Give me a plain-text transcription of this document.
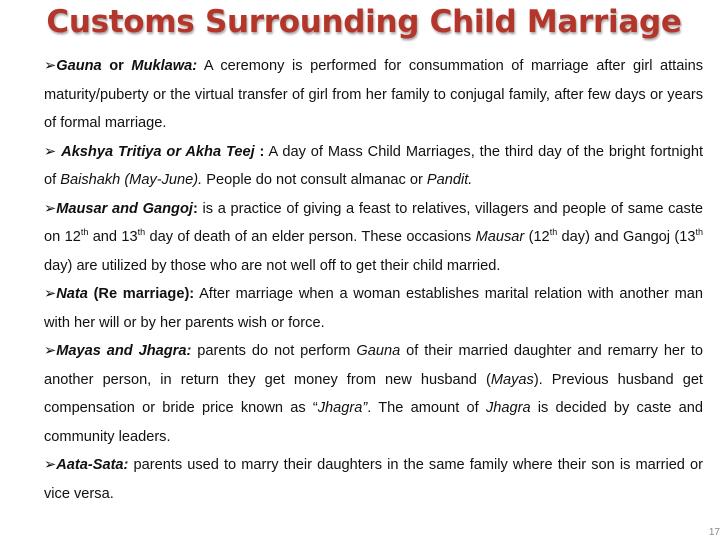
Customs Surrounding Child Marriage

➢Gauna or Muklawa: A ceremony is performed for consummation of marriage after girl attains maturity/puberty or the virtual transfer of girl from her family to conjugal family, after few days or years of formal marriage.

➢ Akshya Tritiya or Akha Teej : A day of Mass Child Marriages, the third day of the bright fortnight of Baishakh (May-June). People do not consult almanac or Pandit.

➢Mausar and Gangoj: is a practice of giving a feast to relatives, villagers and people of same caste on 12th and 13th day of death of an elder person. These occasions Mausar (12th day) and Gangoj (13th day) are utilized by those who are not well off to get their child married.

➢Nata (Re marriage): After marriage when a woman establishes marital relation with another man with her will or by her parents wish or force.

➢Mayas and Jhagra: parents do not perform Gauna of their married daughter and remarry her to another person, in return they get money from new husband (Mayas). Previous husband get compensation or bride price known as “Jhagra”. The amount of Jhagra is decided by caste and community leaders.

➢Aata-Sata: parents used to marry their daughters in the same family where their son is married or vice versa.

17
